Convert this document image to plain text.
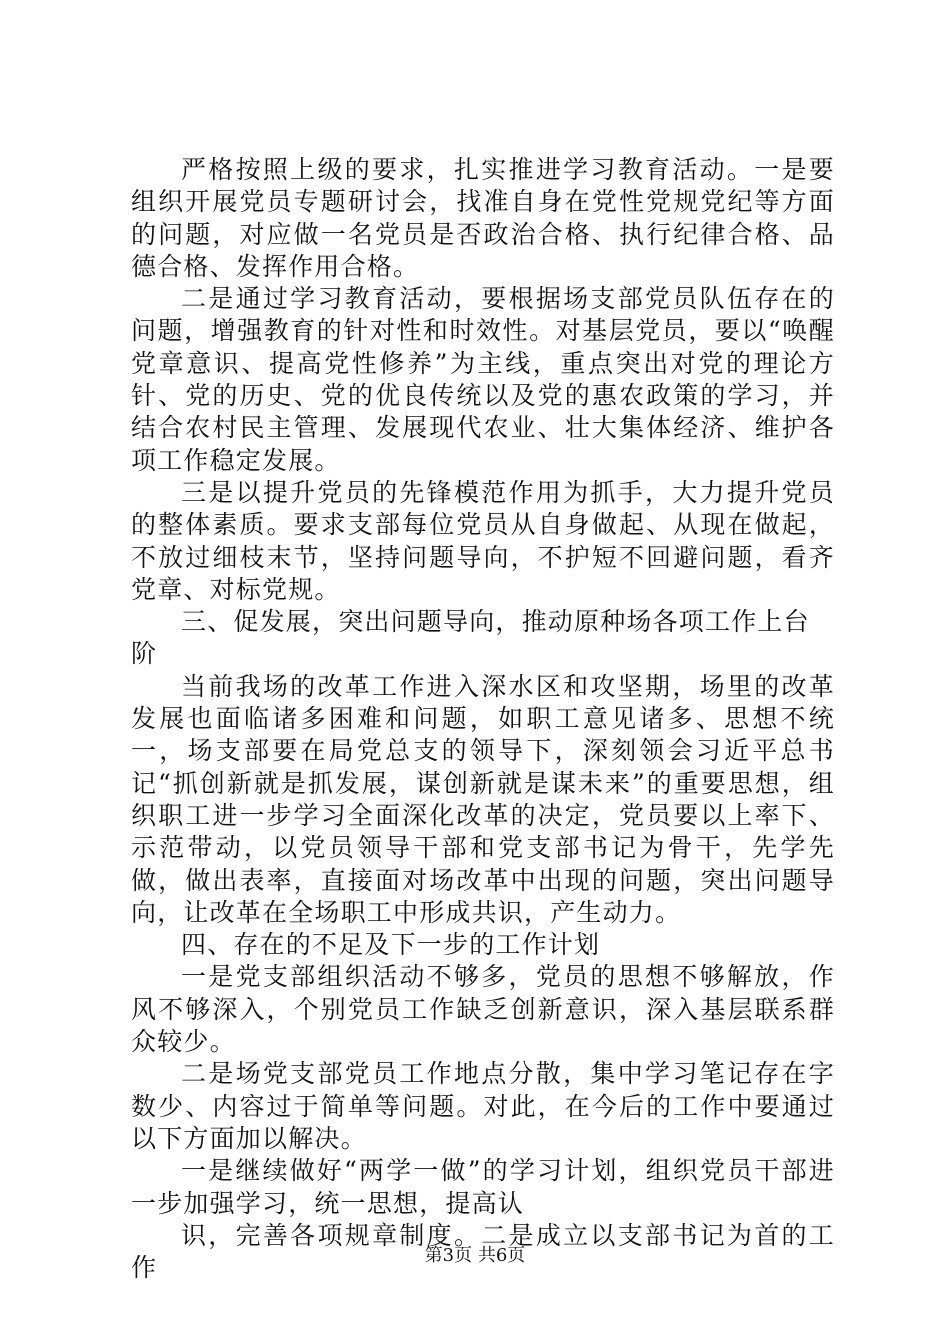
严格按照上级的要求，扎实推进学习教育活动。一是要组织开展党员专题研讨会，找准自身在党性党规党纪等方面的问题，对应做一名党员是否政治合格、执行纪律合格、品德合格、发挥作用合格。

二是通过学习教育活动，要根据场支部党员队伍存在的问题，增强教育的针对性和时效性。对基层党员，要以“唤醒党章意识、提高党性修养”为主线，重点突出对党的理论方针、党的历史、党的优良传统以及党的惠农政策的学习，并结合农村民主管理、发展现代农业、壮大集体经济、维护各项工作稳定发展。

三是以提升党员的先锋模范作用为抓手，大力提升党员的整体素质。要求支部每位党员从自身做起、从现在做起，不放过细枝末节，坚持问题导向，不护短不回避问题，看齐党章、对标党规。

三、促发展，突出问题导向，推动原种场各项工作上台阶

当前我场的改革工作进入深水区和攻坚期，场里的改革发展也面临诸多困难和问题，如职工意见诸多、思想不统一，场支部要在局党总支的领导下，深刻领会习近平总书记“抓创新就是抓发展，谋创新就是谋未来”的重要思想，组织职工进一步学习全面深化改革的决定，党员要以上率下、示范带动，以党员领导干部和党支部书记为骨干，先学先做，做出表率，直接面对场改革中出现的问题，突出问题导向，让改革在全场职工中形成共识，产生动力。

四、存在的不足及下一步的工作计划

一是党支部组织活动不够多，党员的思想不够解放，作风不够深入，个别党员工作缺乏创新意识，深入基层联系群众较少。

二是场党支部党员工作地点分散，集中学习笔记存在字数少、内容过于简单等问题。对此，在今后的工作中要通过以下方面加以解决。

一是继续做好“两学一做”的学习计划，组织党员干部进一步加强学习，统一思想，提高认

识，完善各项规章制度。二是成立以支部书记为首的工作	第3页 共6页
